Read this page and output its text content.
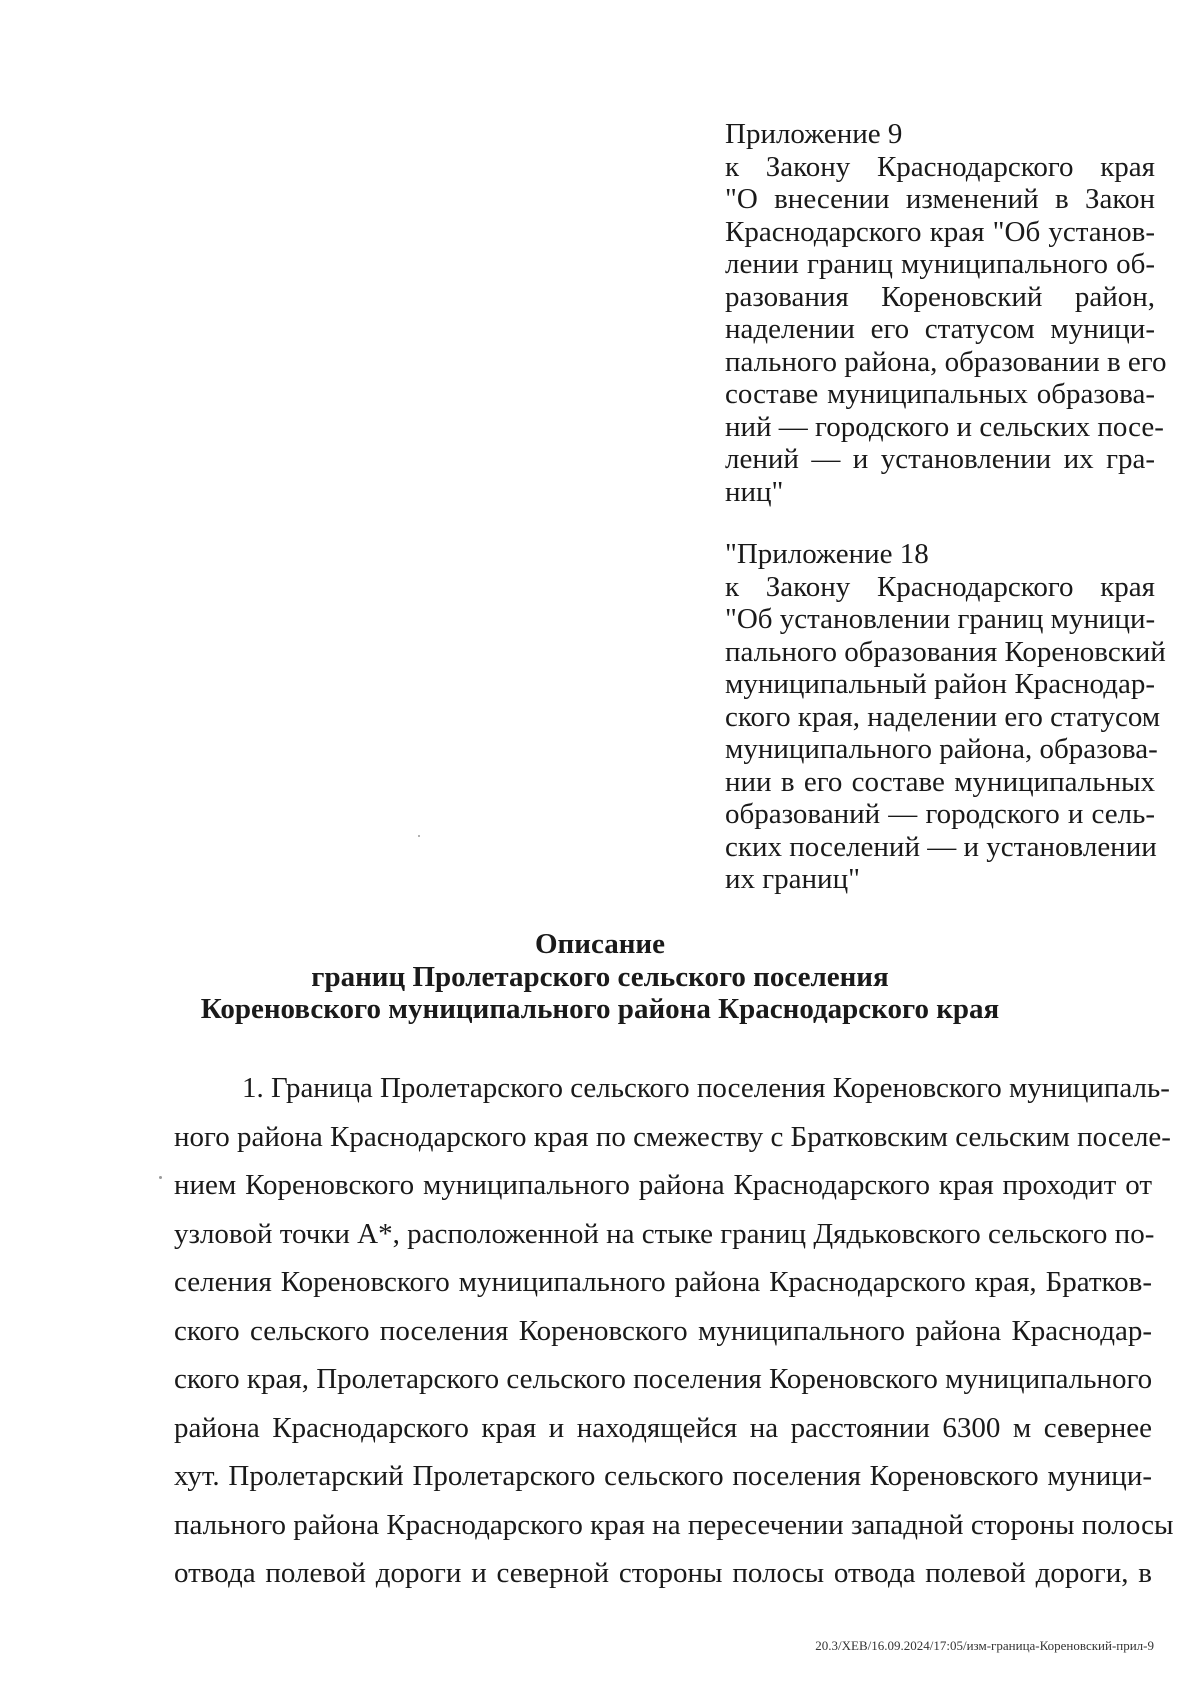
Приложение 9
к Закону Краснодарского края
"О внесении изменений в Закон
Краснодарского края "Об установ-
лении границ муниципального об-
разования Кореновский район,
наделении его статусом муници-
пального района, образовании в его
составе муниципальных образова-
ний — городского и сельских посе-
лений — и установлении их гра-
ниц"
"Приложение 18
к Закону Краснодарского края
"Об установлении границ муници-
пального образования Кореновский
муниципальный район Краснодар-
ского края, наделении его статусом
муниципального района, образова-
нии в его составе муниципальных
образований — городского и сель-
ских поселений — и установлении
их границ"
Описание
границ Пролетарского сельского поселения
Кореновского муниципального района Краснодарского края
1. Граница Пролетарского сельского поселения Кореновского муниципаль-
ного района Краснодарского края по смежеству с Братковским сельским поселе-
нием Кореновского муниципального района Краснодарского края проходит от
узловой точки А*, расположенной на стыке границ Дядьковского сельского по-
селения Кореновского муниципального района Краснодарского края, Братков-
ского сельского поселения Кореновского муниципального района Краснодар-
ского края, Пролетарского сельского поселения Кореновского муниципального
района Краснодарского края и находящейся на расстоянии 6300 м севернее
хут. Пролетарский Пролетарского сельского поселения Кореновского муници-
пального района Краснодарского края на пересечении западной стороны полосы
отвода полевой дороги и северной стороны полосы отвода полевой дороги, в
20.3/ХЕВ/16.09.2024/17:05/изм-граница-Кореновский-прил-9
